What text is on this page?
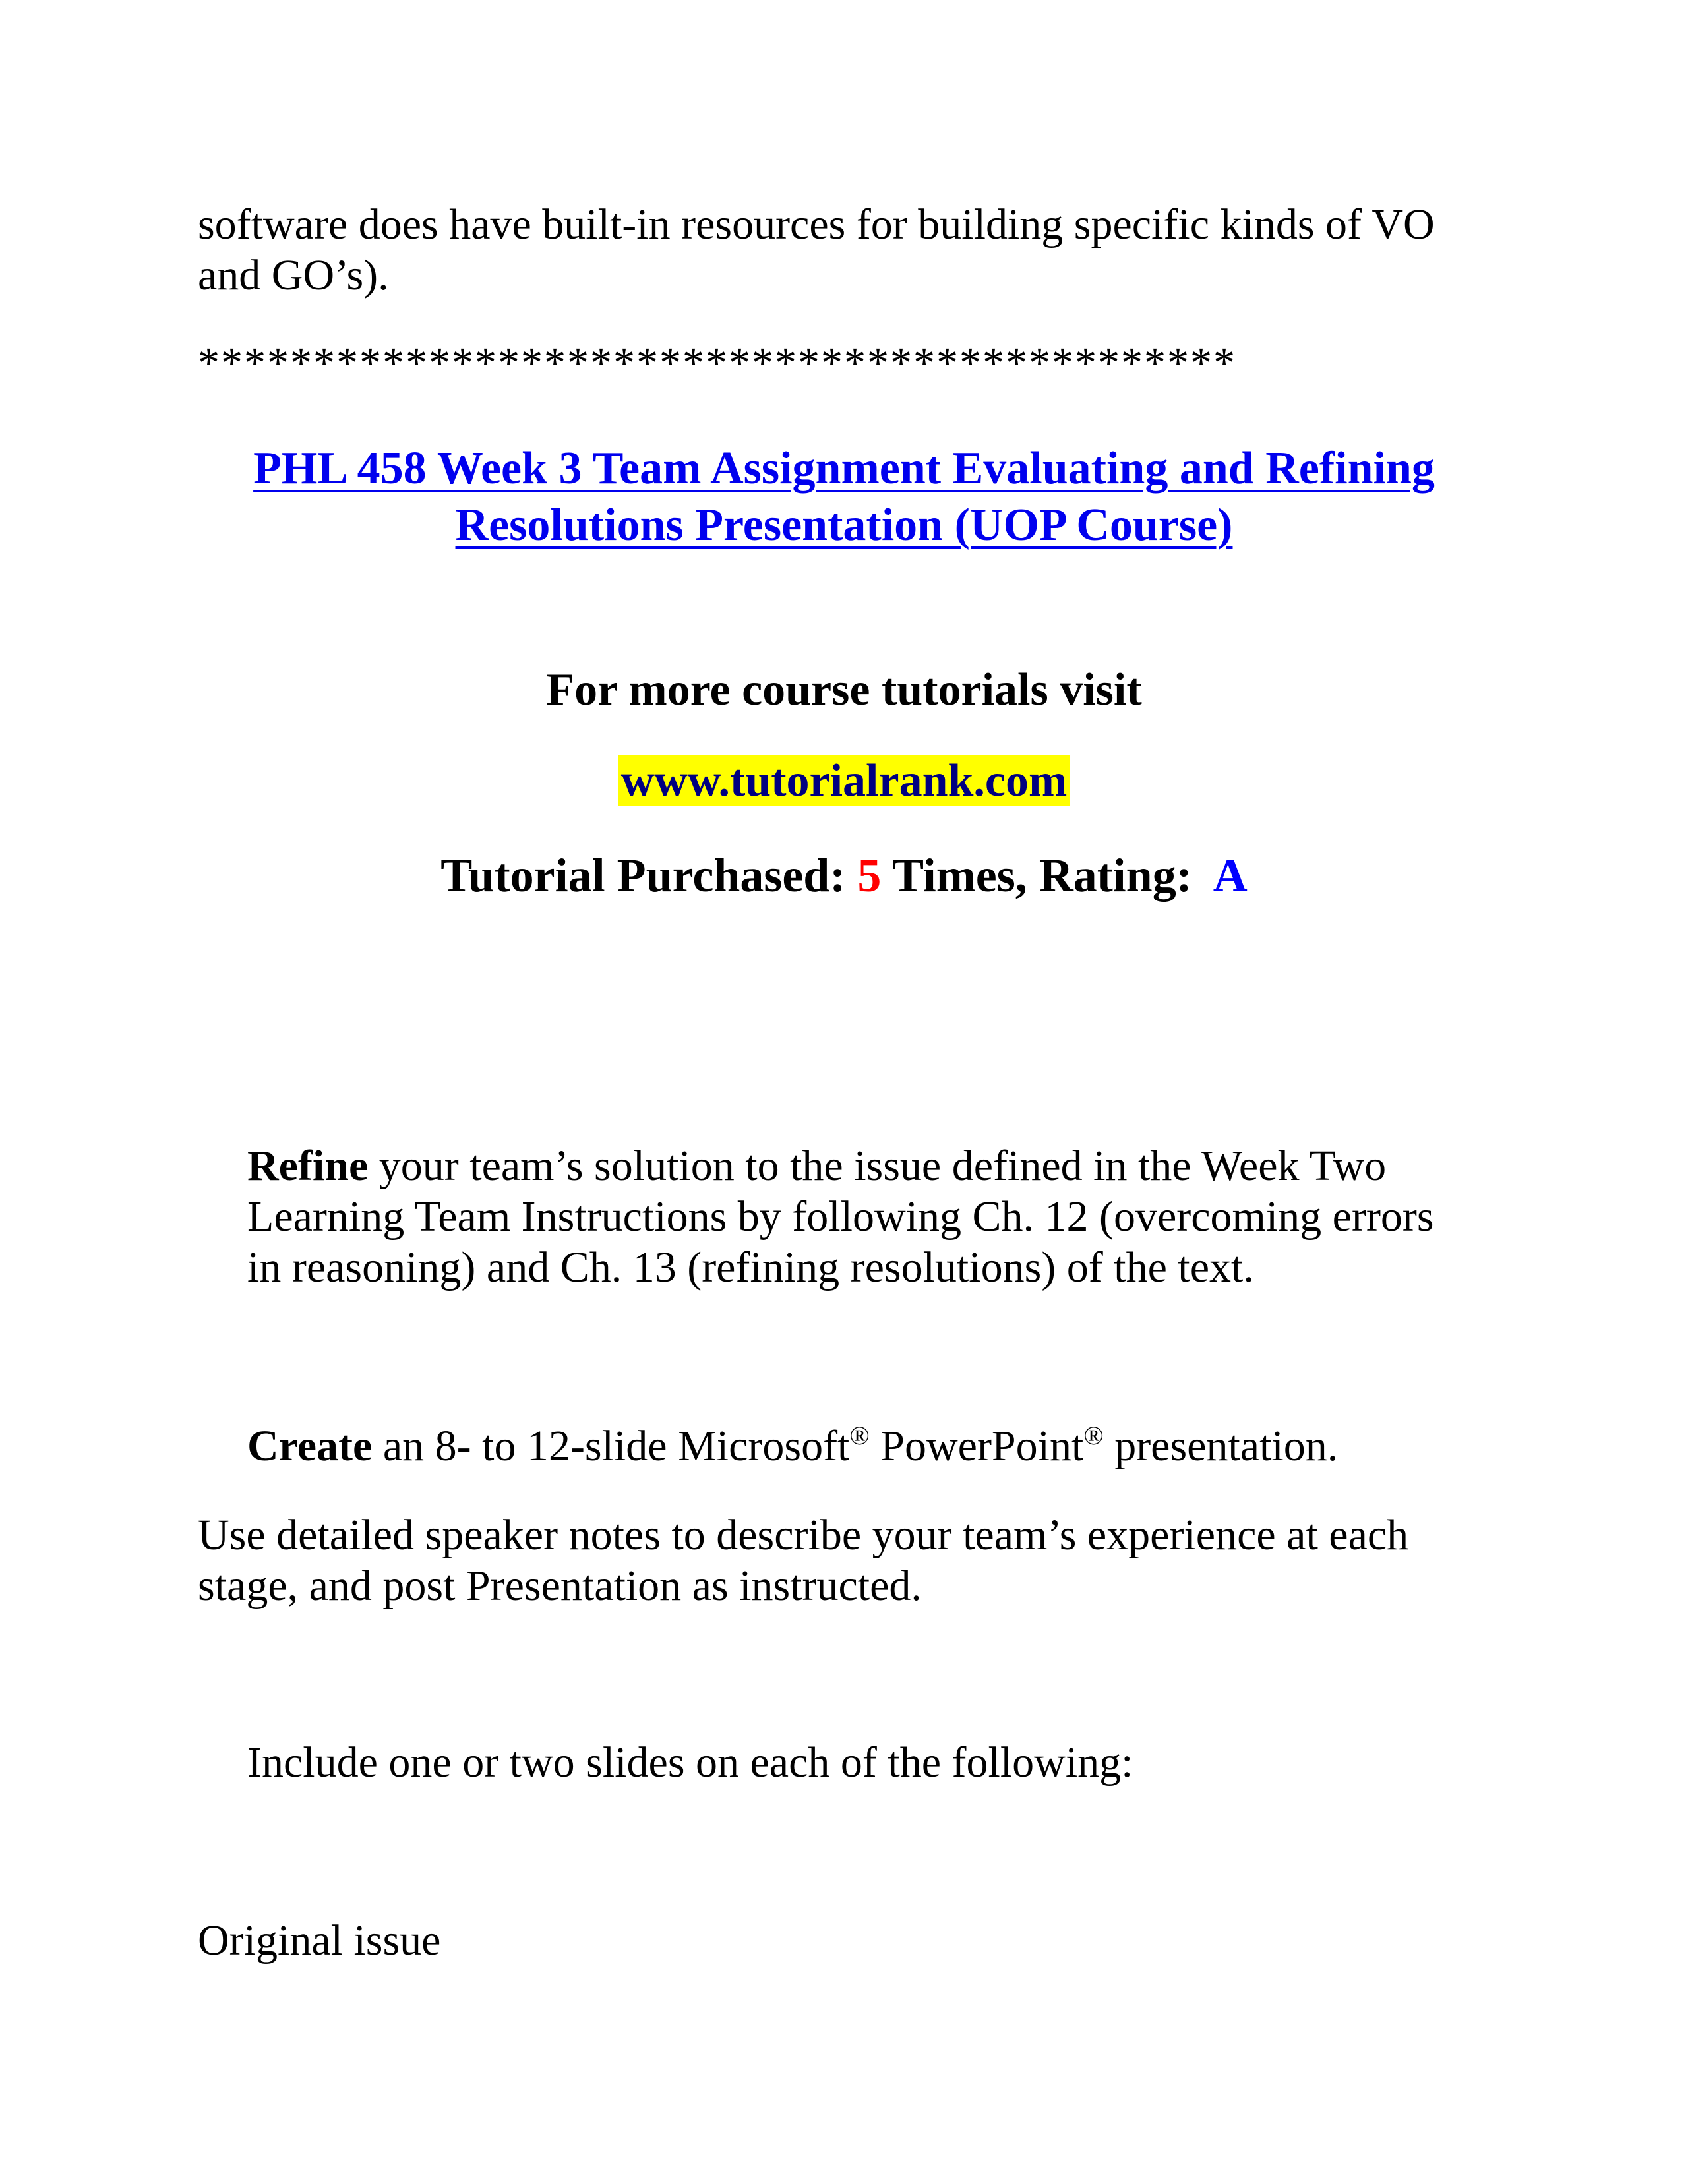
software does have built-in resources for building specific kinds of VO
and GO’s).

*********************************************

PHL 458 Week 3 Team Assignment Evaluating and Refining
Resolutions Presentation (UOP Course)

For more course tutorials visit

www.tutorialrank.com

Tutorial Purchased: 5 Times, Rating:  A

Refine your team’s solution to the issue defined in the Week Two
Learning Team Instructions by following Ch. 12 (overcoming errors
in reasoning) and Ch. 13 (refining resolutions) of the text.

Create an 8- to 12-slide Microsoft® PowerPoint® presentation.

Use detailed speaker notes to describe your team’s experience at each
stage, and post Presentation as instructed.

Include one or two slides on each of the following:

Original issue
